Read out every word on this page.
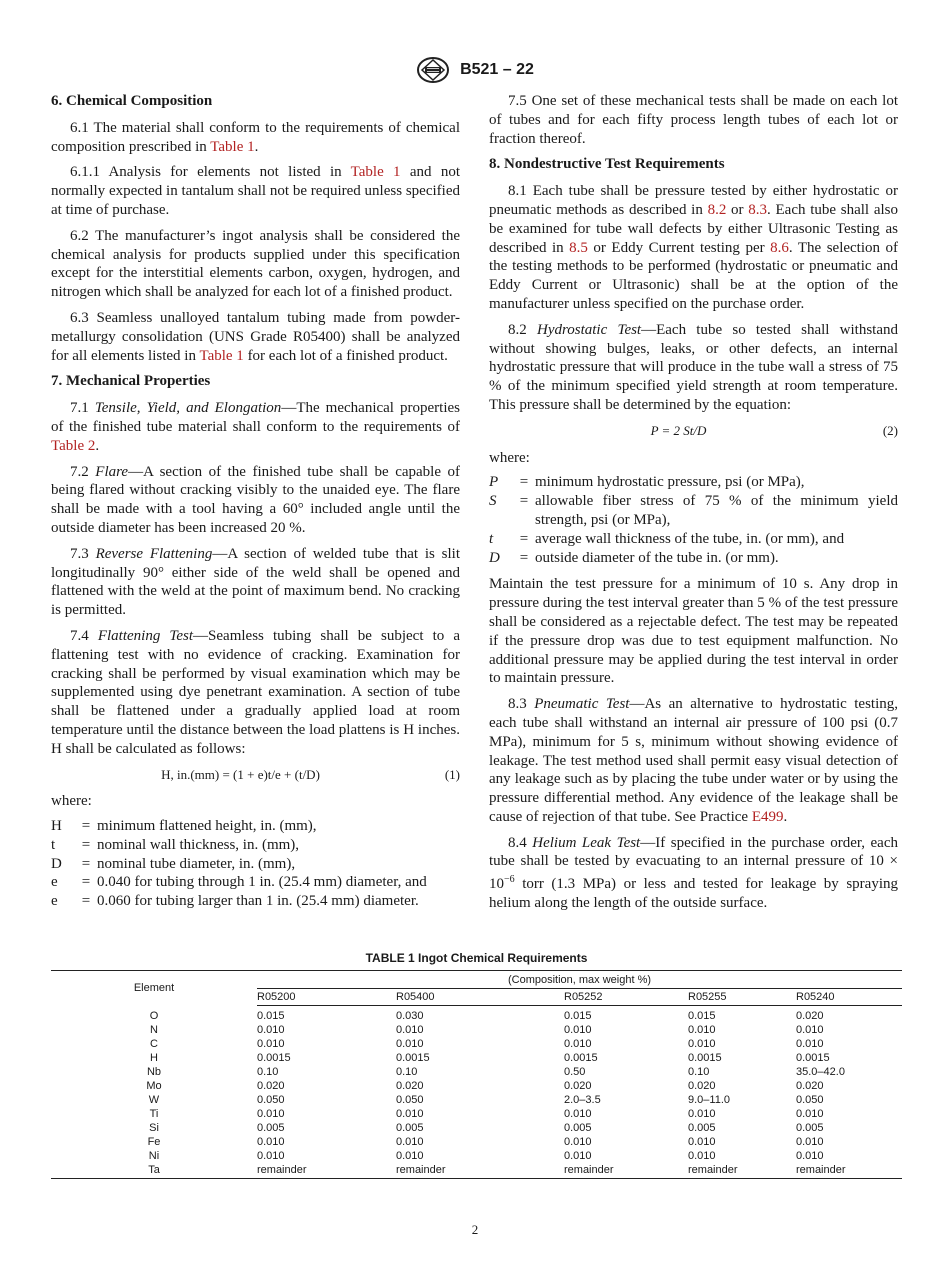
B521 – 22
6. Chemical Composition

6.1 The material shall conform to the requirements of chemical composition prescribed in Table 1.

6.1.1 Analysis for elements not listed in Table 1 and not normally expected in tantalum shall not be required unless specified at time of purchase.

6.2 The manufacturer’s ingot analysis shall be considered the chemical analysis for products supplied under this specification except for the interstitial elements carbon, oxygen, hydrogen, and nitrogen which shall be analyzed for each lot of a finished product.

6.3 Seamless unalloyed tantalum tubing made from powder-metallurgy consolidation (UNS Grade R05400) shall be analyzed for all elements listed in Table 1 for each lot of a finished product.

7. Mechanical Properties

7.1 Tensile, Yield, and Elongation—The mechanical properties of the finished tube material shall conform to the requirements of Table 2.

7.2 Flare—A section of the finished tube shall be capable of being flared without cracking visibly to the unaided eye. The flare shall be made with a tool having a 60° included angle until the outside diameter has been increased 20 %.

7.3 Reverse Flattening—A section of welded tube that is slit longitudinally 90° either side of the weld shall be opened and flattened with the weld at the point of maximum bend. No cracking is permitted.

7.4 Flattening Test—Seamless tubing shall be subject to a flattening test with no evidence of cracking. Examination for cracking shall be performed by visual examination which may be supplemented using dye penetrant examination. A section of tube shall be flattened under a gradually applied load at room temperature until the distance between the load plattens is H inches. H shall be calculated as follows:

H, in.(mm) = (1 + e)t/e + (t/D)	(1)
where:
H	= minimum flattened height, in. (mm),
t	= nominal wall thickness, in. (mm),
D	= nominal tube diameter, in. (mm),
e	= 0.040 for tubing through 1 in. (25.4 mm) diameter, and
e	= 0.060 for tubing larger than 1 in. (25.4 mm) diameter.

7.5 One set of these mechanical tests shall be made on each lot of tubes and for each fifty process length tubes of each lot or fraction thereof.

8. Nondestructive Test Requirements

8.1 Each tube shall be pressure tested by either hydrostatic or pneumatic methods as described in 8.2 or 8.3. Each tube shall also be examined for tube wall defects by either Ultrasonic Testing as described in 8.5 or Eddy Current testing per 8.6. The selection of the testing methods to be performed (hydrostatic or pneumatic and Eddy Current or Ultrasonic) shall be at the option of the manufacturer unless specified on the purchase order.

8.2 Hydrostatic Test—Each tube so tested shall withstand without showing bulges, leaks, or other defects, an internal hydrostatic pressure that will produce in the tube wall a stress of 75 % of the minimum specified yield strength at room temperature. This pressure shall be determined by the equation:

P = 2 St/D	(2)
where:
P	= minimum hydrostatic pressure, psi (or MPa),
S	= allowable fiber stress of 75 % of the minimum yield strength, psi (or MPa),
t	= average wall thickness of the tube, in. (or mm), and
D	= outside diameter of the tube in. (or mm).

Maintain the test pressure for a minimum of 10 s. Any drop in pressure during the test interval greater than 5 % of the test pressure shall be considered as a rejectable defect. The test may be repeated if the pressure drop was due to test equipment malfunction. No additional pressure may be applied during the test interval in order to maintain pressure.

8.3 Pneumatic Test—As an alternative to hydrostatic testing, each tube shall withstand an internal air pressure of 100 psi (0.7 MPa), minimum for 5 s, minimum without showing evidence of leakage. The test method used shall permit easy visual detection of any leakage such as by placing the tube under water or by using the pressure differential method. Any evidence of the leakage shall be cause of rejection of that tube. See Practice E499.

8.4 Helium Leak Test—If specified in the purchase order, each tube shall be tested by evacuating to an internal pressure of $10 \times 10^{-6}$ torr (1.3 MPa) or less and tested for leakage by spraying helium along the length of the outside surface.

TABLE 1 Ingot Chemical Requirements
Element	(Composition, max weight %)				
	R05200	R05400	R05252	R05255	R05240
O	0.015	0.030	0.015	0.015	0.020
N	0.010	0.010	0.010	0.010	0.010
C	0.010	0.010	0.010	0.010	0.010
H	0.0015	0.0015	0.0015	0.0015	0.0015
Nb	0.10	0.10	0.50	0.10	35.0–42.0
Mo	0.020	0.020	0.020	0.020	0.020
W	0.050	0.050	2.0–3.5	9.0–11.0	0.050
Ti	0.010	0.010	0.010	0.010	0.010
Si	0.005	0.005	0.005	0.005	0.005
Fe	0.010	0.010	0.010	0.010	0.010
Ni	0.010	0.010	0.010	0.010	0.010
Ta	remainder	remainder	remainder	remainder	remainder
2
